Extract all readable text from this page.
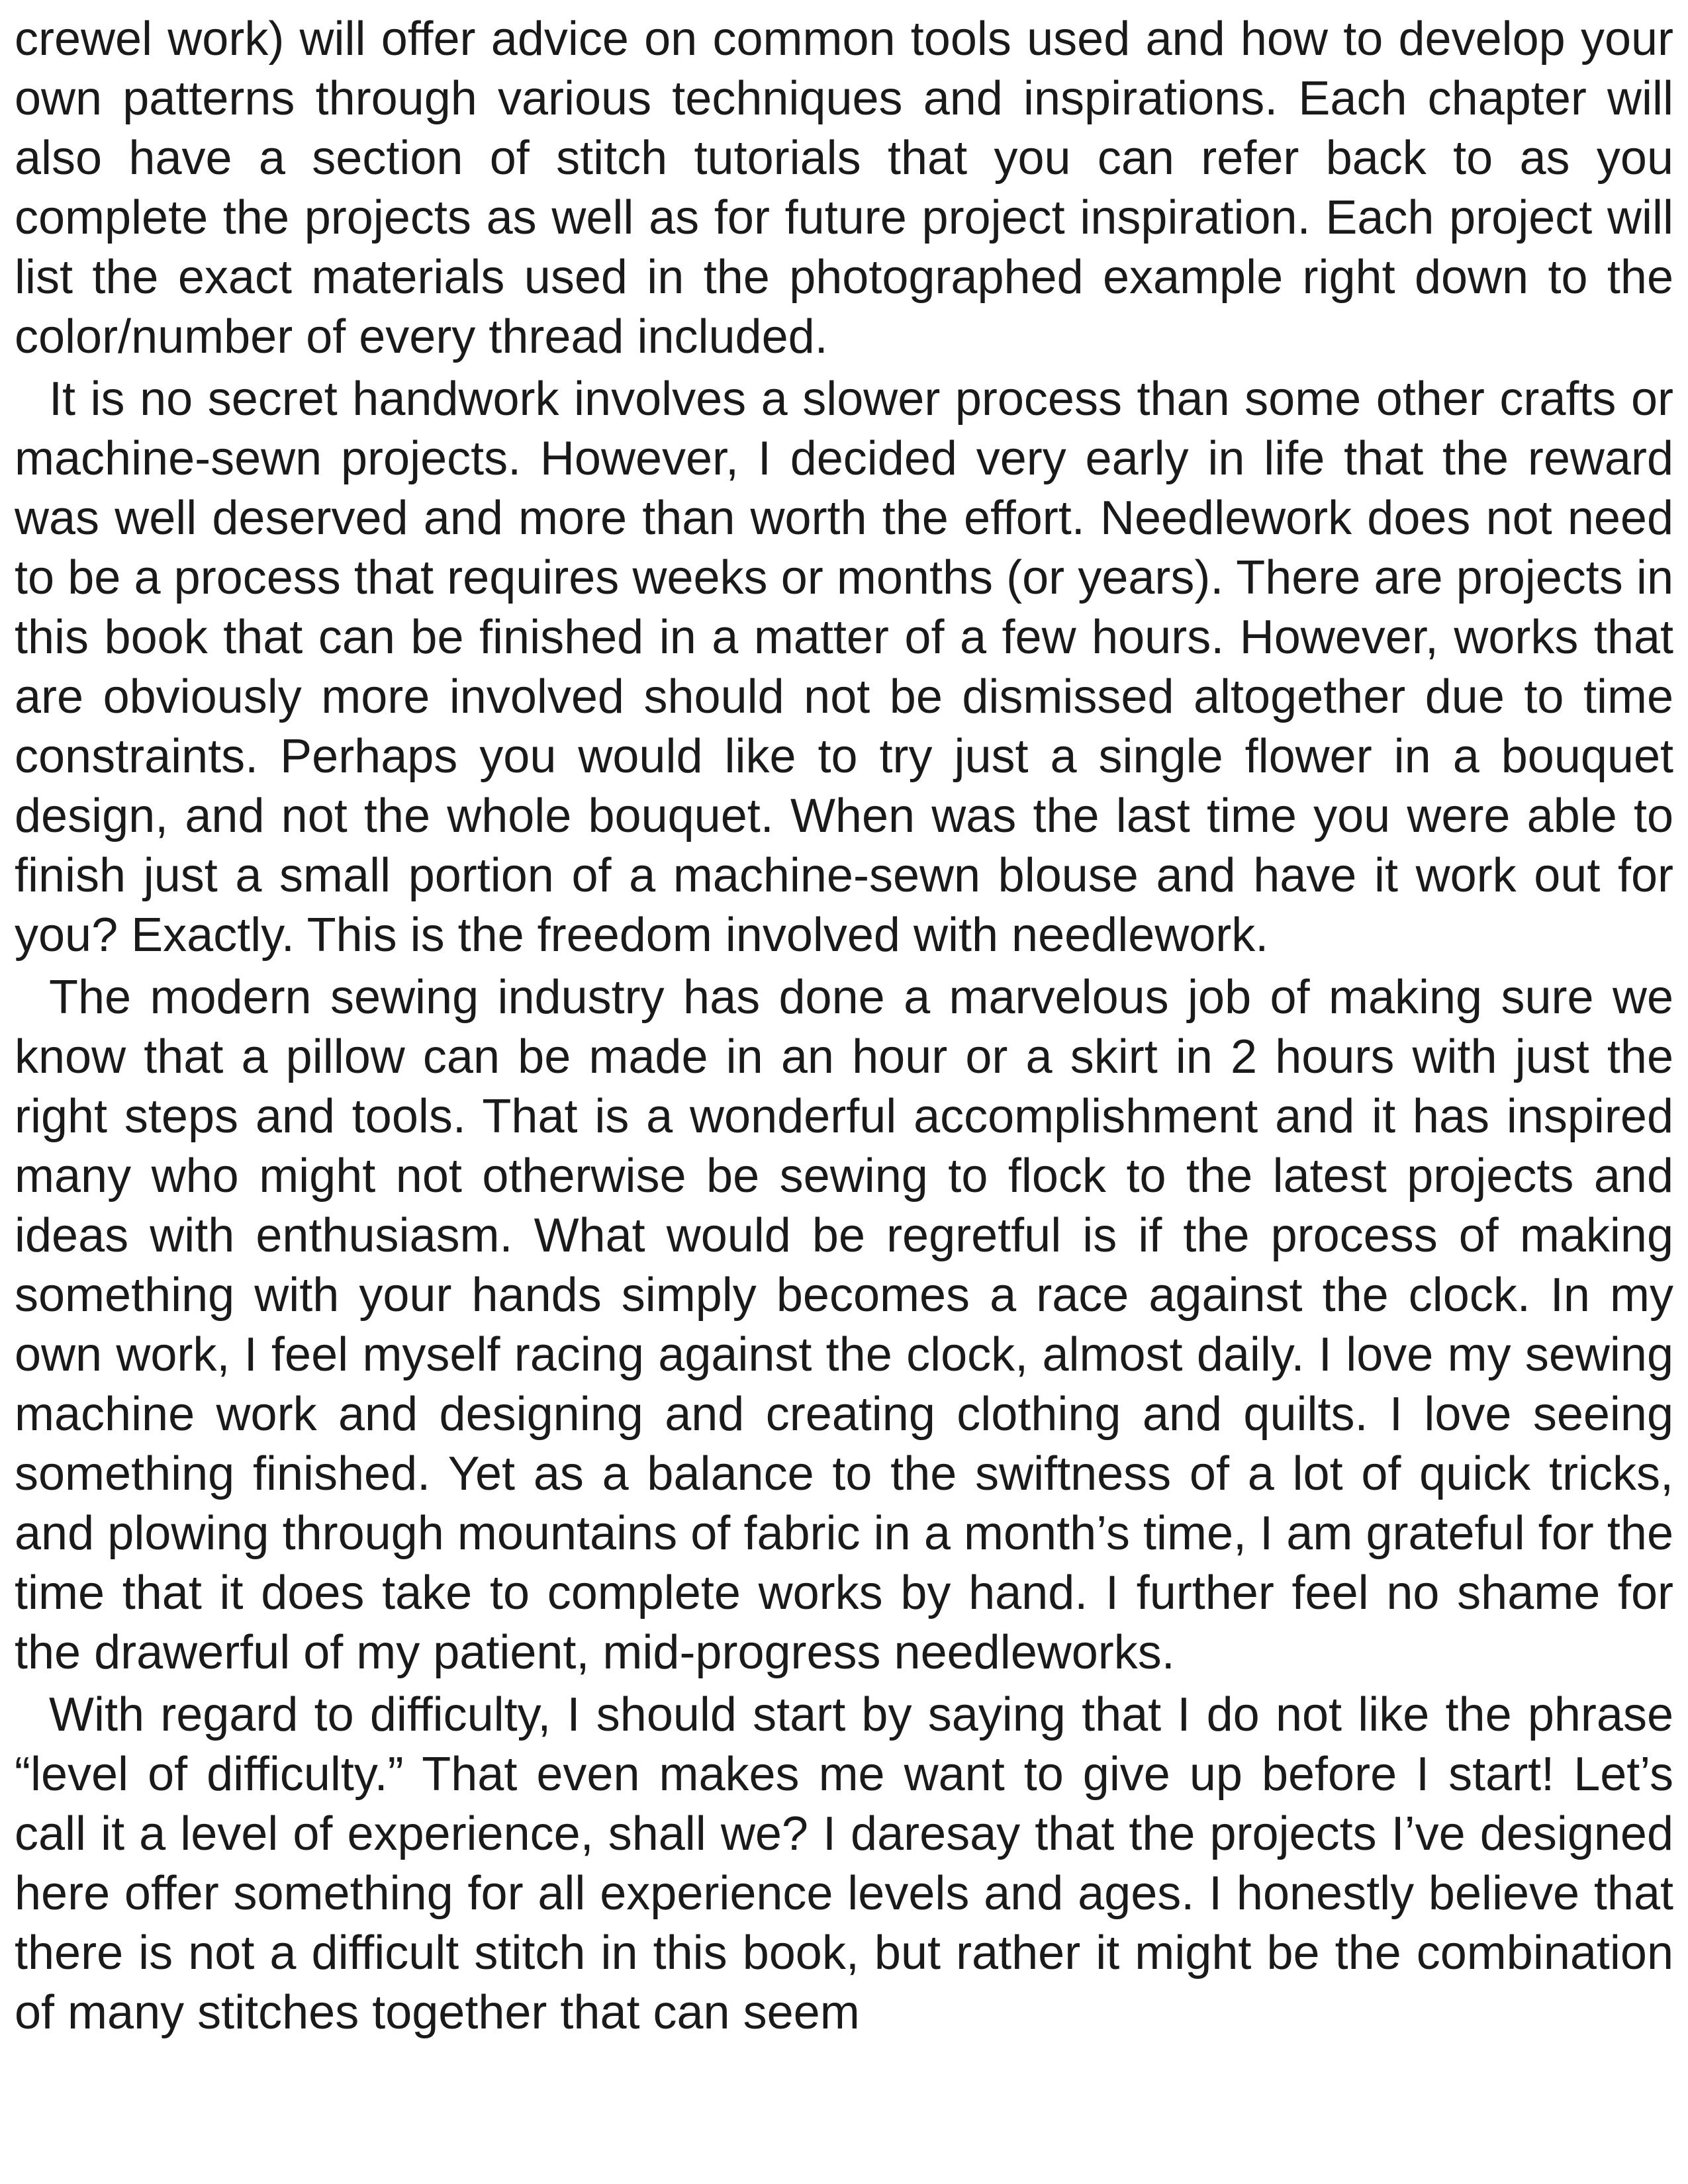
crewel work) will offer advice on common tools used and how to develop your own patterns through various techniques and inspirations. Each chapter will also have a section of stitch tutorials that you can refer back to as you complete the projects as well as for future project inspiration. Each project will list the exact materials used in the photographed example right down to the color/number of every thread included.

It is no secret handwork involves a slower process than some other crafts or machine-sewn projects. However, I decided very early in life that the reward was well deserved and more than worth the effort. Needlework does not need to be a process that requires weeks or months (or years). There are projects in this book that can be finished in a matter of a few hours. However, works that are obviously more involved should not be dismissed altogether due to time constraints. Perhaps you would like to try just a single flower in a bouquet design, and not the whole bouquet. When was the last time you were able to finish just a small portion of a machine-sewn blouse and have it work out for you? Exactly. This is the freedom involved with needlework.

The modern sewing industry has done a marvelous job of making sure we know that a pillow can be made in an hour or a skirt in 2 hours with just the right steps and tools. That is a wonderful accomplishment and it has inspired many who might not otherwise be sewing to flock to the latest projects and ideas with enthusiasm. What would be regretful is if the process of making something with your hands simply becomes a race against the clock. In my own work, I feel myself racing against the clock, almost daily. I love my sewing machine work and designing and creating clothing and quilts. I love seeing something finished. Yet as a balance to the swiftness of a lot of quick tricks, and plowing through mountains of fabric in a month’s time, I am grateful for the time that it does take to complete works by hand. I further feel no shame for the drawerful of my patient, mid-progress needleworks.

With regard to difficulty, I should start by saying that I do not like the phrase “level of difficulty.” That even makes me want to give up before I start! Let’s call it a level of experience, shall we? I daresay that the projects I’ve designed here offer something for all experience levels and ages. I honestly believe that there is not a difficult stitch in this book, but rather it might be the combination of many stitches together that can seem
